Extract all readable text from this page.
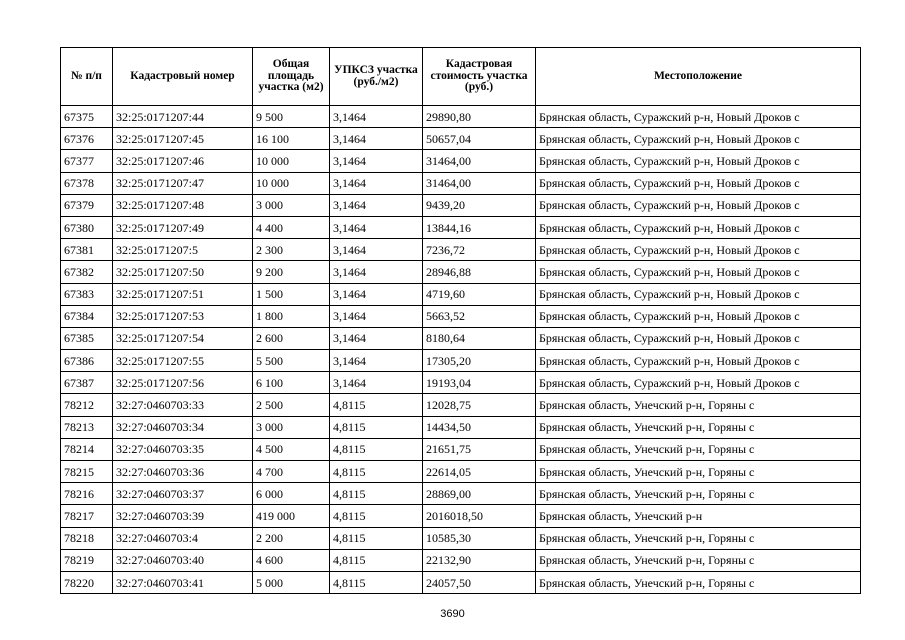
№ п/п	Кадастровый номер	Общая площадь участка (м2)	УПКСЗ участка (руб./м2)	Кадастровая стоимость участка (руб.)	Местоположение
67375	32:25:0171207:44	9 500	3,1464	29890,80	Брянская область, Суражский р-н, Новый Дроков с
67376	32:25:0171207:45	16 100	3,1464	50657,04	Брянская область, Суражский р-н, Новый Дроков с
67377	32:25:0171207:46	10 000	3,1464	31464,00	Брянская область, Суражский р-н, Новый Дроков с
67378	32:25:0171207:47	10 000	3,1464	31464,00	Брянская область, Суражский р-н, Новый Дроков с
67379	32:25:0171207:48	3 000	3,1464	9439,20	Брянская область, Суражский р-н, Новый Дроков с
67380	32:25:0171207:49	4 400	3,1464	13844,16	Брянская область, Суражский р-н, Новый Дроков с
67381	32:25:0171207:5	2 300	3,1464	7236,72	Брянская область, Суражский р-н, Новый Дроков с
67382	32:25:0171207:50	9 200	3,1464	28946,88	Брянская область, Суражский р-н, Новый Дроков с
67383	32:25:0171207:51	1 500	3,1464	4719,60	Брянская область, Суражский р-н, Новый Дроков с
67384	32:25:0171207:53	1 800	3,1464	5663,52	Брянская область, Суражский р-н, Новый Дроков с
67385	32:25:0171207:54	2 600	3,1464	8180,64	Брянская область, Суражский р-н, Новый Дроков с
67386	32:25:0171207:55	5 500	3,1464	17305,20	Брянская область, Суражский р-н, Новый Дроков с
67387	32:25:0171207:56	6 100	3,1464	19193,04	Брянская область, Суражский р-н, Новый Дроков с
78212	32:27:0460703:33	2 500	4,8115	12028,75	Брянская область, Унечский р-н, Горяны с
78213	32:27:0460703:34	3 000	4,8115	14434,50	Брянская область, Унечский р-н, Горяны с
78214	32:27:0460703:35	4 500	4,8115	21651,75	Брянская область, Унечский р-н, Горяны с
78215	32:27:0460703:36	4 700	4,8115	22614,05	Брянская область, Унечский р-н, Горяны с
78216	32:27:0460703:37	6 000	4,8115	28869,00	Брянская область, Унечский р-н, Горяны с
78217	32:27:0460703:39	419 000	4,8115	2016018,50	Брянская область, Унечский р-н
78218	32:27:0460703:4	2 200	4,8115	10585,30	Брянская область, Унечский р-н, Горяны с
78219	32:27:0460703:40	4 600	4,8115	22132,90	Брянская область, Унечский р-н, Горяны с
78220	32:27:0460703:41	5 000	4,8115	24057,50	Брянская область, Унечский р-н, Горяны с
3690
